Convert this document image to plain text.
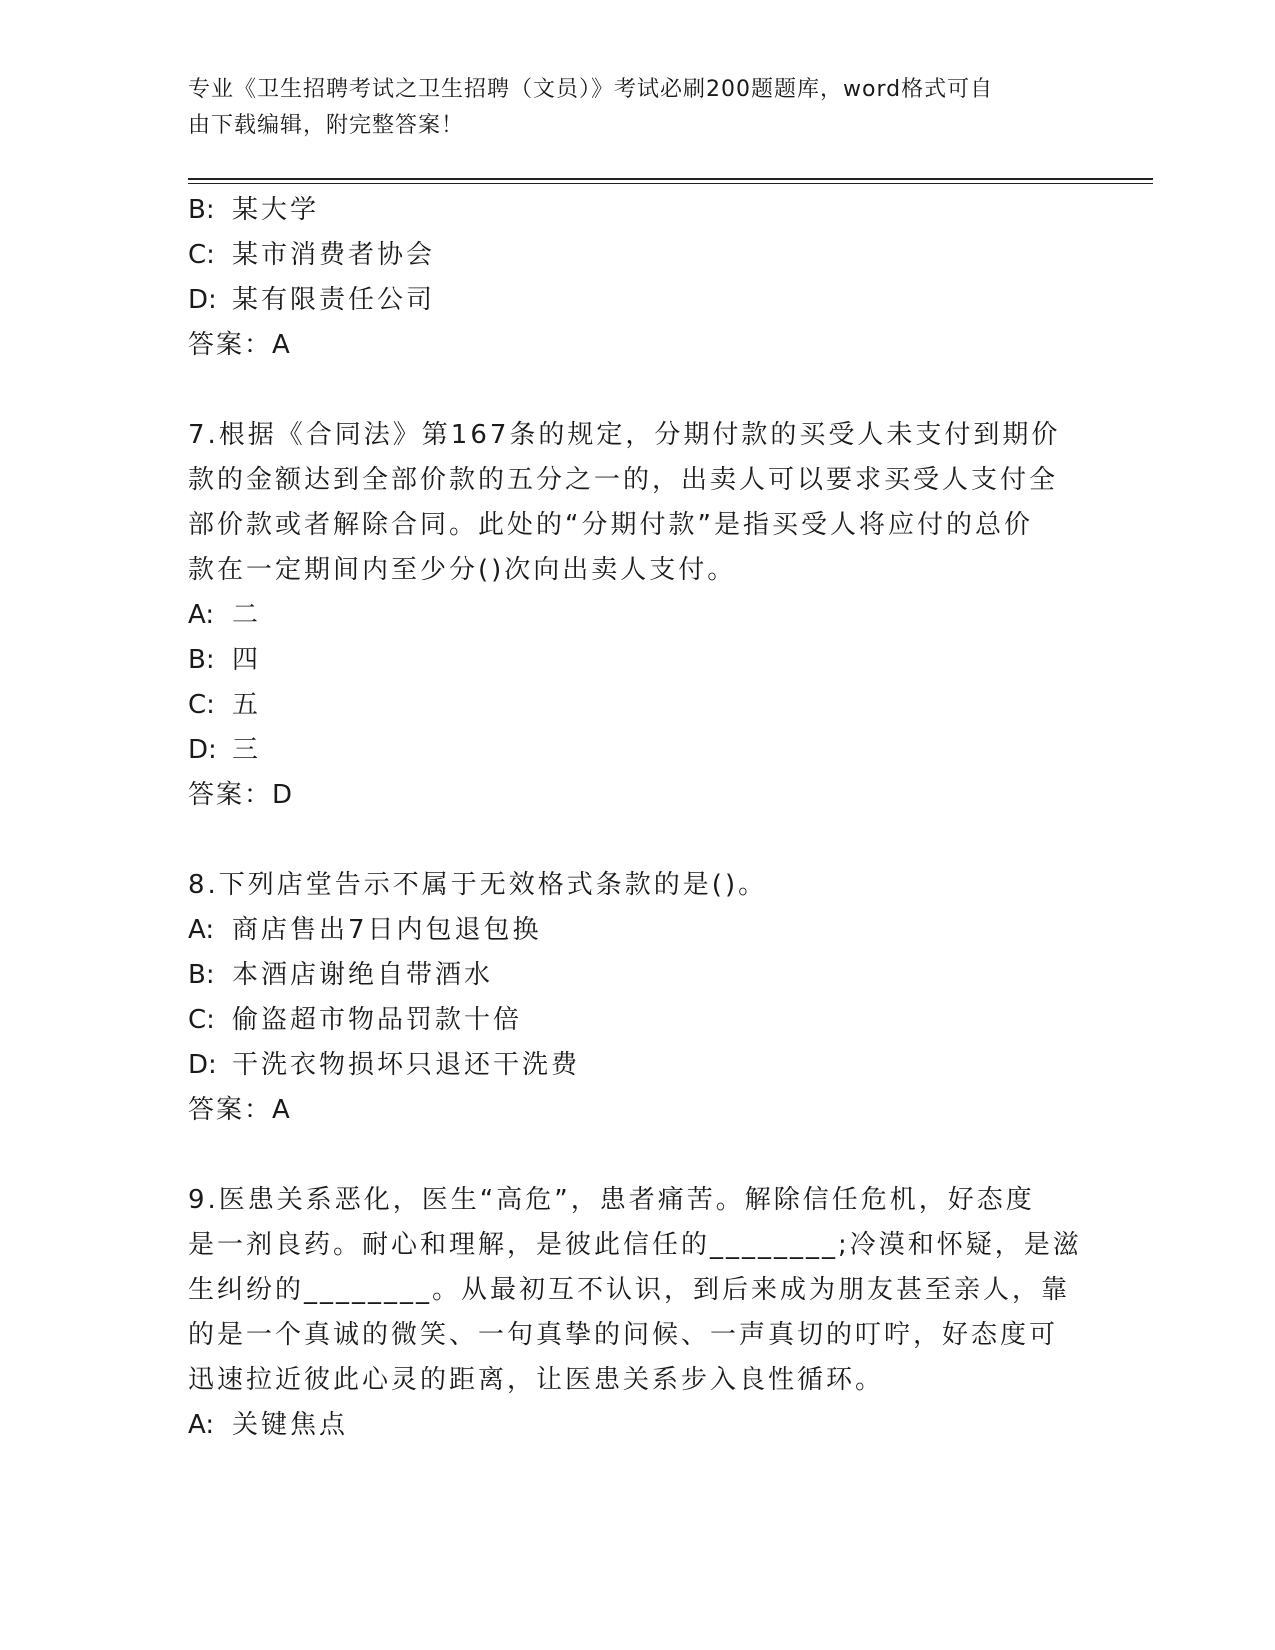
专业《卫生招聘考试之卫生招聘（文员）》考试必刷200题题库，word格式可自
由下载编辑，附完整答案！
B: 某大学
C: 某市消费者协会
D: 某有限责任公司
答案：A
7.根据《合同法》第167条的规定，分期付款的买受人未支付到期价
款的金额达到全部价款的五分之一的，出卖人可以要求买受人支付全
部价款或者解除合同。此处的“分期付款”是指买受人将应付的总价
款在一定期间内至少分()次向出卖人支付。
A: 二
B: 四
C: 五
D: 三
答案：D
8.下列店堂告示不属于无效格式条款的是()。
A: 商店售出7日内包退包换
B: 本酒店谢绝自带酒水
C: 偷盗超市物品罚款十倍
D: 干洗衣物损坏只退还干洗费
答案：A
9.医患关系恶化，医生“高危”，患者痛苦。解除信任危机，好态度
是一剂良药。耐心和理解，是彼此信任的________;冷漠和怀疑，是滋
生纠纷的________。从最初互不认识，到后来成为朋友甚至亲人，靠
的是一个真诚的微笑、一句真挚的问候、一声真切的叮咛，好态度可
迅速拉近彼此心灵的距离，让医患关系步入良性循环。
A: 关键焦点
